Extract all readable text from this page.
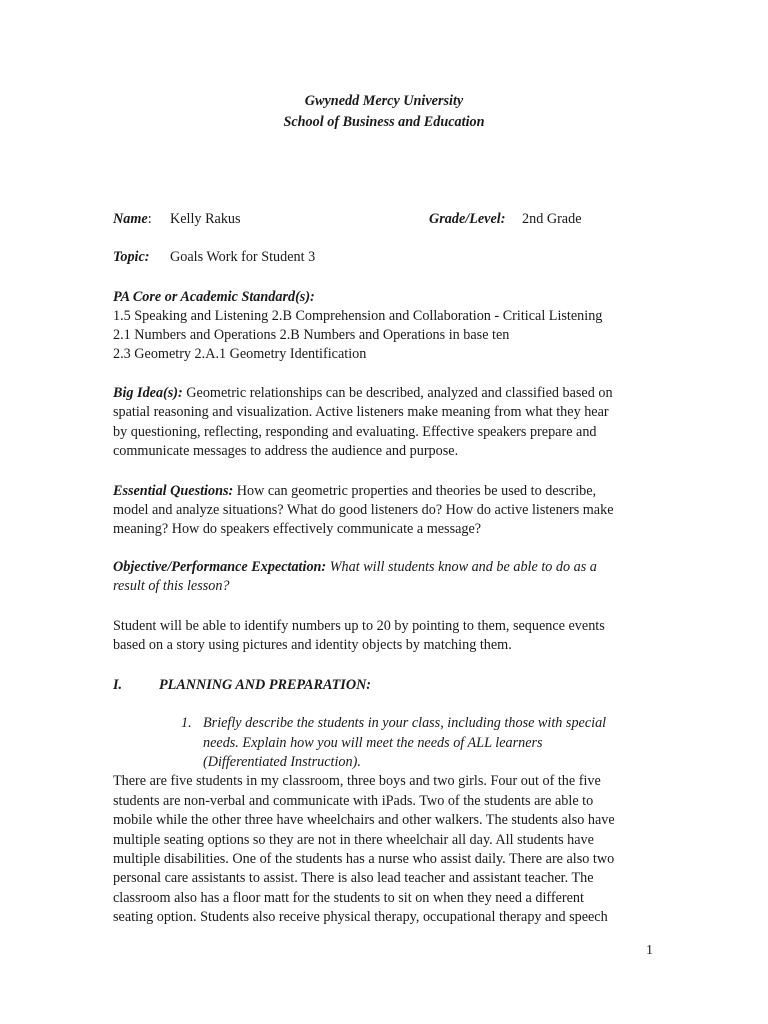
Gwynedd Mercy University
School of Business and Education
Name: Kelly Rakus	Grade/Level: 2nd Grade
Topic: Goals Work for Student 3
PA Core or Academic Standard(s):
1.5 Speaking and Listening 2.B Comprehension and Collaboration - Critical Listening
2.1 Numbers and Operations 2.B Numbers and Operations in base ten
2.3 Geometry 2.A.1 Geometry Identification
Big Idea(s): Geometric relationships can be described, analyzed and classified based on
spatial reasoning and visualization. Active listeners make meaning from what they hear
by questioning, reflecting, responding and evaluating. Effective speakers prepare and
communicate messages to address the audience and purpose.
Essential Questions: How can geometric properties and theories be used to describe,
model and analyze situations? What do good listeners do? How do active listeners make
meaning? How do speakers effectively communicate a message?
Objective/Performance Expectation: What will students know and be able to do as a
result of this lesson?
Student will be able to identify numbers up to 20 by pointing to them, sequence events
based on a story using pictures and identity objects by matching them.
I.	PLANNING AND PREPARATION:
1. Briefly describe the students in your class, including those with special
needs. Explain how you will meet the needs of ALL learners
(Differentiated Instruction).
There are five students in my classroom, three boys and two girls. Four out of the five
students are non-verbal and communicate with iPads. Two of the students are able to
mobile while the other three have wheelchairs and other walkers. The students also have
multiple seating options so they are not in there wheelchair all day. All students have
multiple disabilities. One of the students has a nurse who assist daily. There are also two
personal care assistants to assist. There is also lead teacher and assistant teacher. The
classroom also has a floor matt for the students to sit on when they need a different
seating option. Students also receive physical therapy, occupational therapy and speech
1
